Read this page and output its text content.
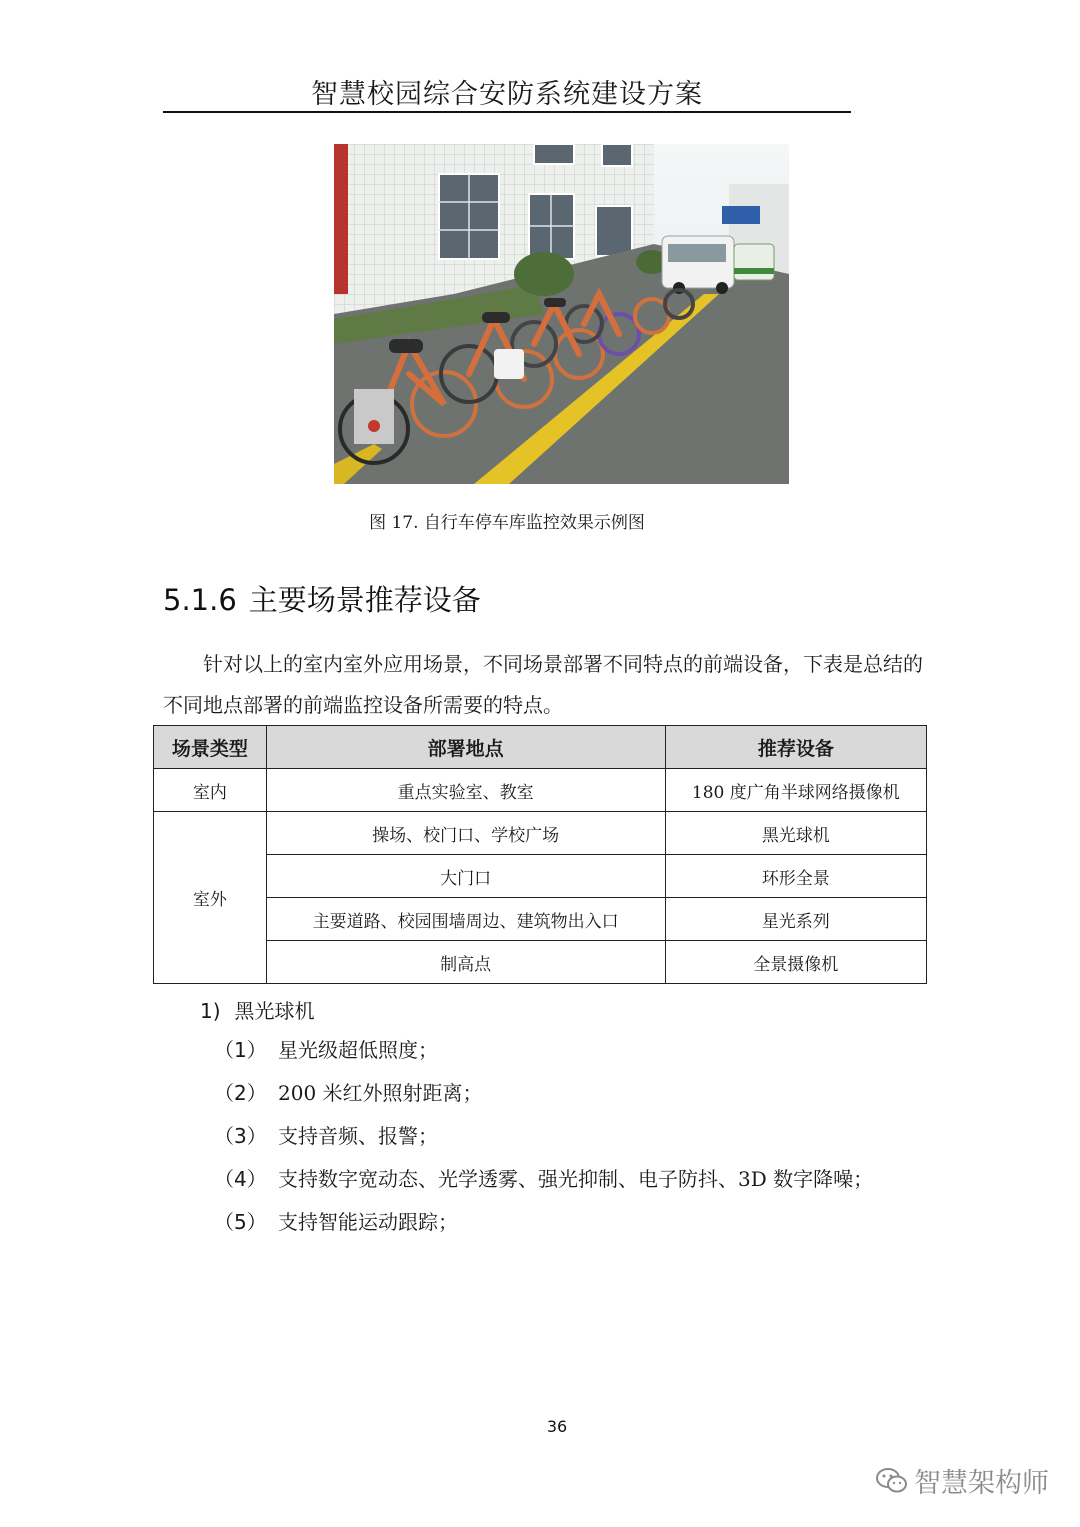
智慧校园综合安防系统建设方案
图 17. 自行车停车库监控效果示例图
5.1.6 主要场景推荐设备
针对以上的室内室外应用场景，不同场景部署不同特点的前端设备，下表是总结的不同地点部署的前端监控设备所需要的特点。
场景类型	部署地点	推荐设备
室内	重点实验室、教室	180 度广角半球网络摄像机
室外	操场、校门口、学校广场	黑光球机
	大门口	环形全景
	主要道路、校园围墙周边、建筑物出入口	星光系列
	制高点	全景摄像机
1) 黑光球机
（1） 星光级超低照度；
（2） 200 米红外照射距离；
（3） 支持音频、报警；
（4） 支持数字宽动态、光学透雾、强光抑制、电子防抖、3D 数字降噪；
（5） 支持智能运动跟踪；
36
智慧架构师
